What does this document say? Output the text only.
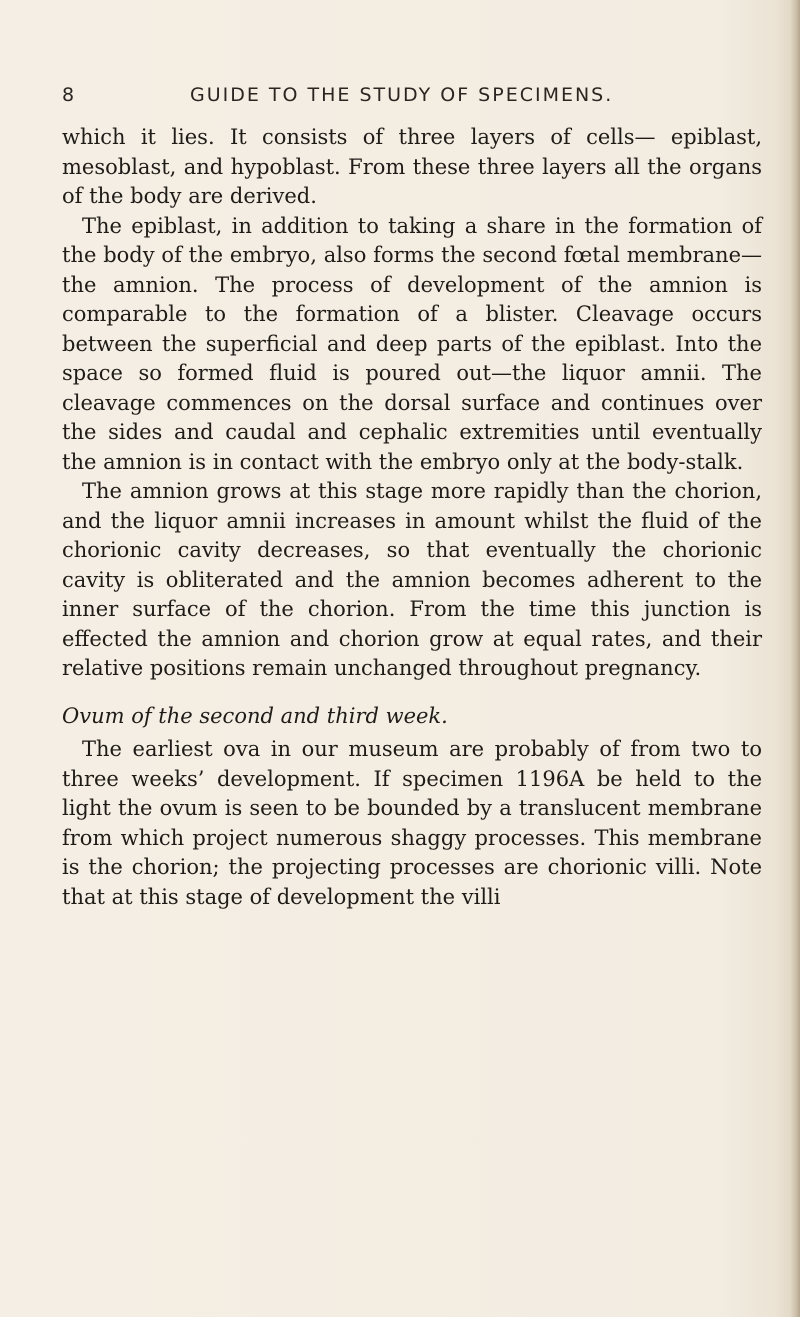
8	GUIDE TO THE STUDY OF SPECIMENS.

which it lies. It consists of three layers of cells— epiblast, mesoblast, and hypoblast. From these three layers all the organs of the body are derived.

The epiblast, in addition to taking a share in the formation of the body of the embryo, also forms the second fœtal membrane—the amnion. The process of development of the amnion is comparable to the formation of a blister. Cleavage occurs between the superficial and deep parts of the epiblast. Into the space so formed fluid is poured out—the liquor amnii. The cleavage commences on the dorsal surface and continues over the sides and caudal and cephalic extremities until eventually the amnion is in contact with the embryo only at the body-stalk.

The amnion grows at this stage more rapidly than the chorion, and the liquor amnii increases in amount whilst the fluid of the chorionic cavity decreases, so that eventually the chorionic cavity is obliterated and the amnion becomes adherent to the inner surface of the chorion. From the time this junction is effected the amnion and chorion grow at equal rates, and their relative positions remain unchanged throughout pregnancy.

Ovum of the second and third week.

The earliest ova in our museum are probably of from two to three weeks’ development. If specimen 1196A be held to the light the ovum is seen to be bounded by a translucent membrane from which project numerous shaggy processes. This membrane is the chorion; the projecting processes are chorionic villi. Note that at this stage of development the villi
